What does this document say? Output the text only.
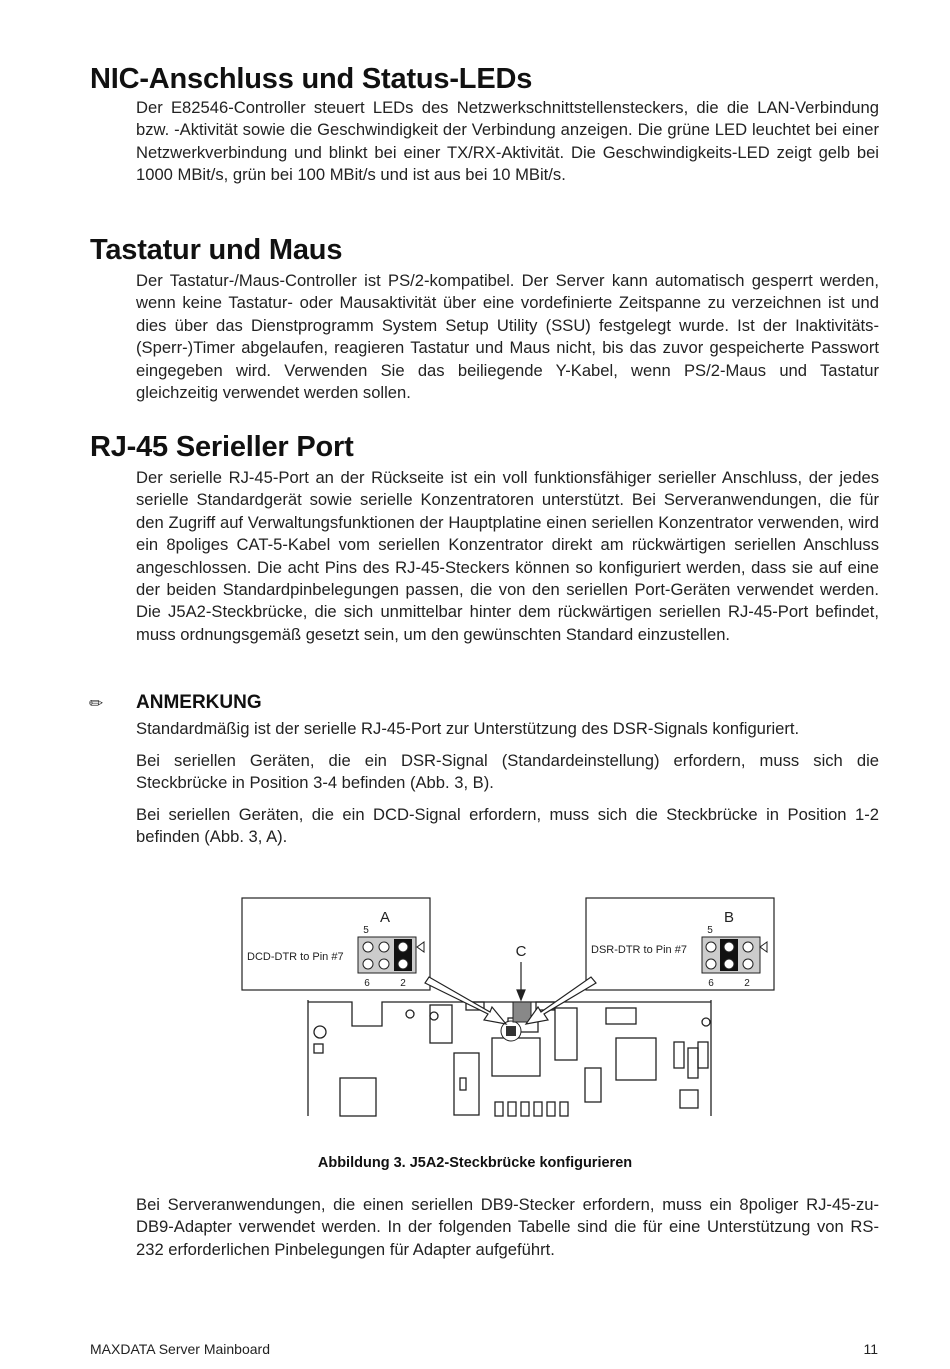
NIC-Anschluss und Status-LEDs

Der E82546-Controller steuert LEDs des Netzwerkschnittstellensteckers, die die LAN-Verbindung bzw. -Aktivität sowie die Geschwindigkeit der Verbindung anzeigen. Die grüne LED leuchtet bei einer Netzwerkverbindung und blinkt bei einer TX/RX-Aktivität. Die Geschwindigkeits-LED zeigt gelb bei 1000 MBit/s, grün bei 100 MBit/s und ist aus bei 10 MBit/s.

Tastatur und Maus

Der Tastatur-/Maus-Controller ist PS/2-kompatibel. Der Server kann automatisch gesperrt werden, wenn keine Tastatur- oder Mausaktivität über eine vordefinierte Zeitspanne zu verzeichnen ist und dies über das Dienstprogramm System Setup Utility (SSU) festgelegt wurde. Ist der Inaktivitäts-(Sperr-)Timer abgelaufen, reagieren Tastatur und Maus nicht, bis das zuvor gespeicherte Passwort eingegeben wird. Verwenden Sie das beiliegende Y-Kabel, wenn PS/2-Maus und Tastatur gleichzeitig verwendet werden sollen.

RJ-45 Serieller Port

Der serielle RJ-45-Port an der Rückseite ist ein voll funktionsfähiger serieller Anschluss, der jedes serielle Standardgerät sowie serielle Konzentratoren unterstützt. Bei Serveranwendungen, die für den Zugriff auf Verwaltungsfunktionen der Hauptplatine einen seriellen Konzentrator verwenden, wird ein 8poliges CAT-5-Kabel vom seriellen Konzentrator direkt am rückwärtigen seriellen Anschluss angeschlossen. Die acht Pins des RJ-45-Steckers können so konfiguriert werden, dass sie auf eine der beiden Standardpinbelegungen passen, die von den seriellen Port-Geräten verwendet werden. Die J5A2-Steckbrücke, die sich unmittelbar hinter dem rückwärtigen seriellen RJ-45-Port befindet, muss ordnungsgemäß gesetzt sein, um den gewünschten Standard einzustellen.

✏ ANMERKUNG

Standardmäßig ist der serielle RJ-45-Port zur Unterstützung des DSR-Signals konfiguriert.

Bei seriellen Geräten, die ein DSR-Signal (Standardeinstellung) erfordern, muss sich die Steckbrücke in Position 3-4 befinden (Abb. 3, B).

Bei seriellen Geräten, die ein DCD-Signal erfordern, muss sich die Steckbrücke in Position 1-2 befinden (Abb. 3, A).

A
5
DCD-DTR to Pin #7
6	2
B
5
DSR-DTR to Pin #7
6	2
C

Abbildung 3. J5A2-Steckbrücke konfigurieren

Bei Serveranwendungen, die einen seriellen DB9-Stecker erfordern, muss ein 8poliger RJ-45-zu-DB9-Adapter verwendet werden. In der folgenden Tabelle sind die für eine Unterstützung von RS-232 erforderlichen Pinbelegungen für Adapter aufgeführt.

MAXDATA Server Mainboard	11
